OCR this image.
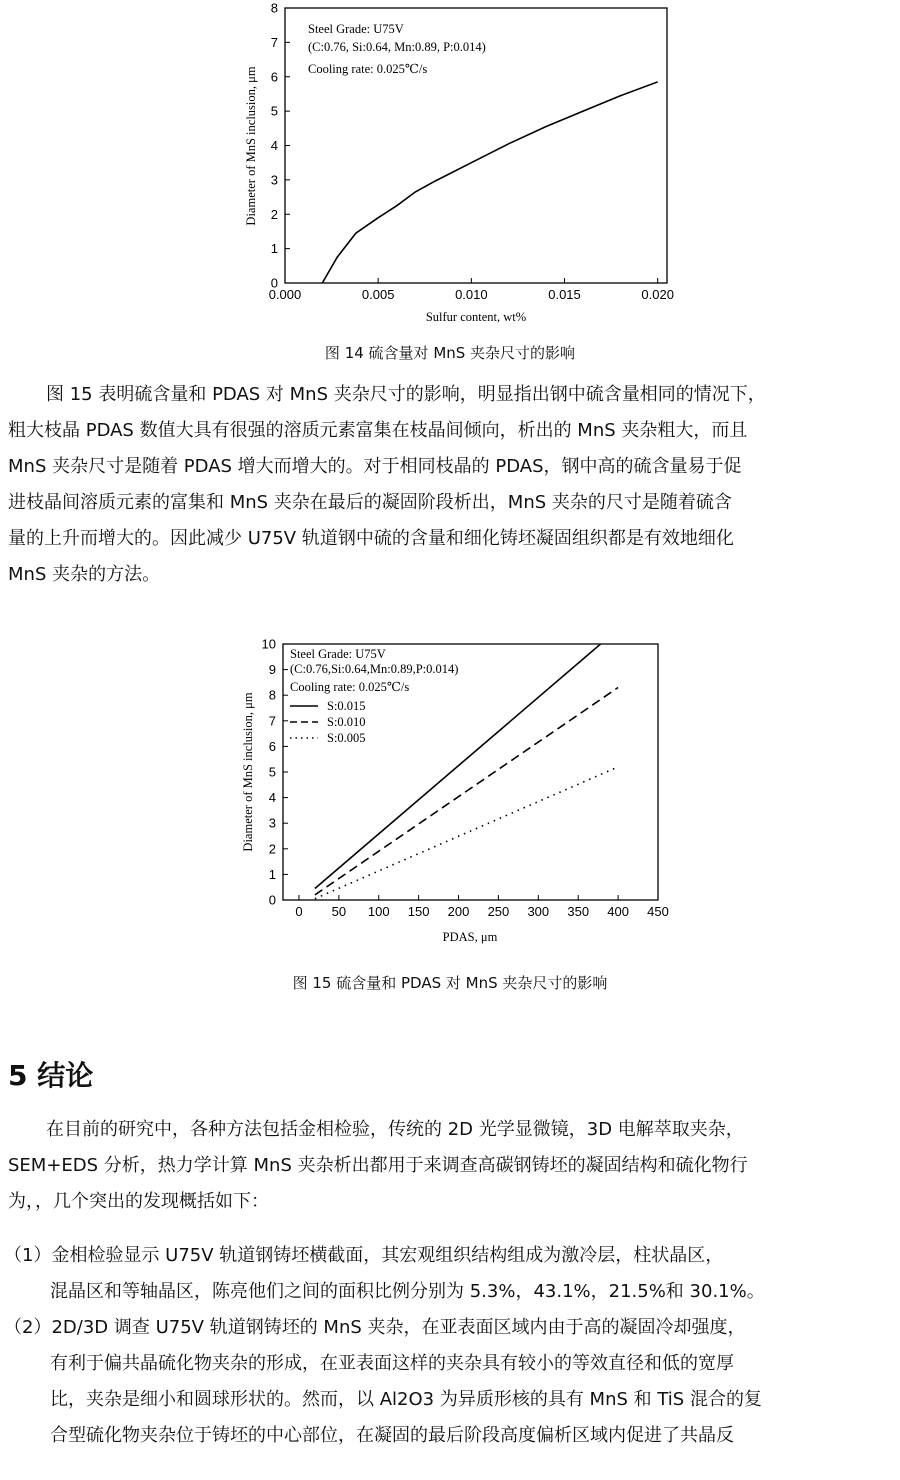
Steel Grade: U75V
(C:0.76, Si:0.64, Mn:0.89, P:0.014)
Cooling rate: 0.025℃/s
Sulfur content, wt%
Diameter of MnS inclusion, μm
0.000	0.005	0.010	0.015	0.020
0
1
2
3
4
5
6
7
8
图 14 硫含量对 MnS 夹杂尺寸的影响
图 15 表明硫含量和 PDAS 对 MnS 夹杂尺寸的影响，明显指出钢中硫含量相同的情况下，
粗大枝晶 PDAS 数值大具有很强的溶质元素富集在枝晶间倾向，析出的 MnS 夹杂粗大，而且
MnS 夹杂尺寸是随着 PDAS 增大而增大的。对于相同枝晶的 PDAS，钢中高的硫含量易于促
进枝晶间溶质元素的富集和 MnS 夹杂在最后的凝固阶段析出，MnS 夹杂的尺寸是随着硫含
量的上升而增大的。因此减少 U75V 轨道钢中硫的含量和细化铸坯凝固组织都是有效地细化
MnS 夹杂的方法。
Steel Grade: U75V
(C:0.76,Si:0.64,Mn:0.89,P:0.014)
Cooling rate: 0.025℃/s
S:0.015
S:0.010
S:0.005
PDAS, μm
Diameter of MnS inclusion, μm
0 50 100 150 200 250 300 350 400 450
0
1
2
3
4
5
6
7
8
9
10
图 15 硫含量和 PDAS 对 MnS 夹杂尺寸的影响
5 结论
在目前的研究中，各种方法包括金相检验，传统的 2D 光学显微镜，3D 电解萃取夹杂，
SEM+EDS 分析，热力学计算 MnS 夹杂析出都用于来调查高碳钢铸坯的凝固结构和硫化物行
为，，几个突出的发现概括如下：
（1）金相检验显示 U75V 轨道钢铸坯横截面，其宏观组织结构组成为激冷层，柱状晶区，
混晶区和等轴晶区，陈亮他们之间的面积比例分别为 5.3%，43.1%，21.5%和 30.1%。
（2）2D/3D 调查 U75V 轨道钢铸坯的 MnS 夹杂，在亚表面区域内由于高的凝固冷却强度，
有利于偏共晶硫化物夹杂的形成，在亚表面这样的夹杂具有较小的等效直径和低的宽厚
比，夹杂是细小和圆球形状的。然而，以 Al2O3 为异质形核的具有 MnS 和 TiS 混合的复
合型硫化物夹杂位于铸坯的中心部位，在凝固的最后阶段高度偏析区域内促进了共晶反
